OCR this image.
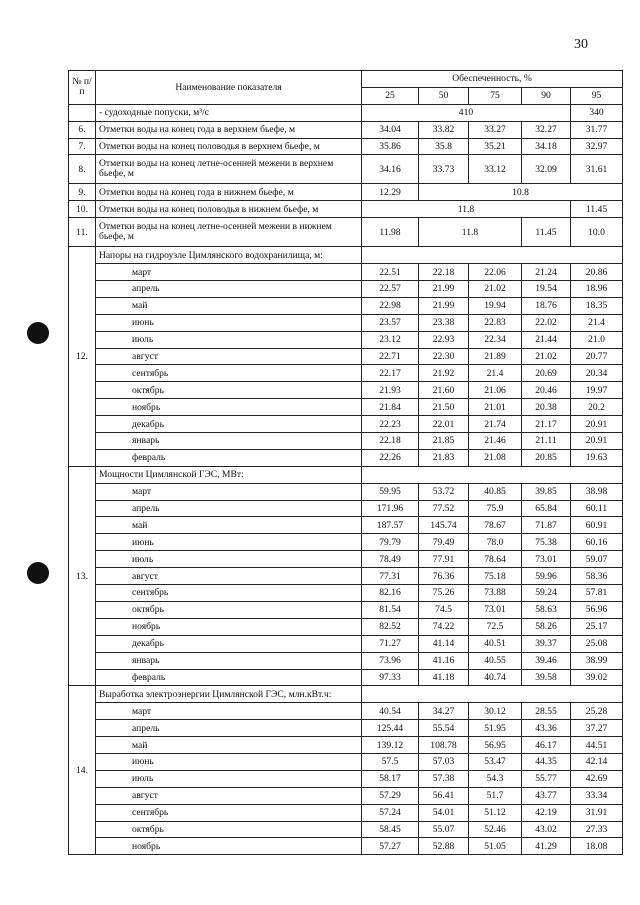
30
№ п/п	Наименование показателя	Обеспеченность, %				
		25	50	75	90	95
	- судоходные попуски, м³/с	410				340
6.	Отметки воды на конец года в верхнем бьефе, м	34.04	33.82	33.27	32.27	31.77
7.	Отметки воды на конец половодья в верхнем бьефе, м	35.86	35.8	35.21	34.18	32.97
8.	Отметки воды на конец летне-осенней межени в верхнем бьефе, м	34.16	33.73	33.12	32.09	31.61
9.	Отметки воды на конец года в нижнем бьефе, м	12.29	10.8			
10.	Отметки воды на конец половодья в нижнем бьефе, м	11.8				11.45
11.	Отметки воды на конец летне-осенней межени в нижнем бьефе, м	11.98	11.8		11.45	10.0
12.	Напоры на гидроузле Цимлянского водохранилища, м:					
	март	22.51	22.18	22.06	21.24	20.86
	апрель	22.57	21.99	21.02	19.54	18.96
	май	22.98	21.99	19.94	18.76	18.35
	июнь	23.57	23.38	22.83	22.02	21.4
	июль	23.12	22.93	22.34	21.44	21.0
	август	22.71	22.30	21.89	21.02	20.77
	сентябрь	22.17	21.92	21.4	20.69	20.34
	октябрь	21.93	21.60	21.06	20.46	19.97
	ноябрь	21.84	21.50	21.01	20.38	20.2
	декабрь	22.23	22.01	21.74	21.17	20.91
	январь	22.18	21.85	21.46	21.11	20.91
	февраль	22.26	21.83	21.08	20.85	19.63
13.	Мощности Цимлянской ГЭС, МВт:					
	март	59.95	53.72	40.85	39.85	38.98
	апрель	171.96	77.52	75.9	65.84	60.11
	май	187.57	145.74	78.67	71.87	60.91
	июнь	79.79	79.49	78.0	75.38	60.16
	июль	78.49	77.91	78.64	73.01	59.07
	август	77.31	76.36	75.18	59.96	58.36
	сентябрь	82.16	75.26	73.88	59.24	57.81
	октябрь	81.54	74.5	73.01	58.63	56.96
	ноябрь	82.52	74.22	72.5	58.26	25.17
	декабрь	71.27	41.14	40.51	39.37	25.08
	январь	73.96	41.16	40.55	39.46	38.99
	февраль	97.33	41.18	40.74	39.58	39.02
14.	Выработка электроэнергии Цимлянской ГЭС, млн.кВт.ч:					
	март	40.54	34.27	30.12	28.55	25.28
	апрель	125.44	55.54	51.95	43.36	37.27
	май	139.12	108.78	56.95	46.17	44.51
	июнь	57.5	57.03	53.47	44.35	42.14
	июль	58.17	57.38	54.3	55.77	42.69
	август	57.29	56.41	51.7	43.77	33.34
	сентябрь	57.24	54.01	51.12	42.19	31.91
	октябрь	58.45	55.07	52.46	43.02	27.33
	ноябрь	57.27	52.88	51.05	41.29	18.08
